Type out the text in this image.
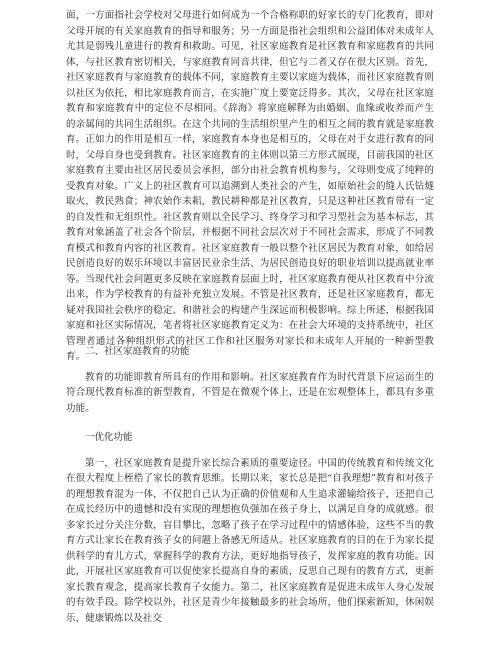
面，一方面指社会学校对父母进行如何成为一个合格称职的好家长的专门化教育，即对父母开展的有关家庭教育的指导和服务；另一方面是指社会组织和公益团体对未成年人尤其是弱残儿童进行的教育和救助。可见，社区家庭教育是社区教育和家庭教育的共同体，与社区教育密切相关，与家庭教育同音共律，但它与二者又存在很大区别。首先，社区家庭教育与家庭教育的载体不同，家庭教育主要以家庭为载体，而社区家庭教育则以社区为依托，相比家庭教育而言，在实施广度上要宽泛得多。其次，父母在社区家庭教育和家庭教育中的定位不尽相同。《辞海》将家庭解释为由婚姻、血缘或收养而产生的亲属间的共同生活组织。在这个共同的生活组织里产生的相互之间的教育就是家庭教育。正如力的作用是相互一样，家庭教育本身也是相互的，父母在对于女进行教育的同时，父母自身也受到教育。社区家庭教育的主体则以第三方形式展现，目前我国的社区家庭教育主要由社区居民委员会承担，部分由社会教育机构参与，父母则变成了纯粹的受教育对象。广义上的社区教育可以追溯到人类社会的产生，如原始社会的缝人氏钻燧取火，教民熟食；神农始作耒耜，教民耕种都是社区教育，只是这种社区教育带有一定的自发性和无组织性。社区教育则以全民学习、终身学习和学习型社会为基本标志，其教育对象涵盖了社会各个阶层，并根据不同社会层次对于不同社会需求，形成了不同教育模式和教育内容的社区教育。社区家庭教育一般以整个社区居民为教育对象，如给居民创造良好的娱乐环境以丰富居民业余生活、为居民创造良好的职业培训以提高就业率等。当现代社会问题更多反映在家庭教育层面上时，社区家庭教育便从社区教育中分流出来，作为学校教育的有益补充独立发展。不管是社区教育，还是社区家庭教育，都无疑对我国社会秩序的稳定、和谐社会的构建产生深远而积极影响。综上所述，根据我国家庭和社区实际情况，笔者将社区家庭教育定义为：在社会大环境的支持系统中，社区管理者通过各种组织形式的社区工作和社区服务对家长和未成年人开展的一种新型教育。 二、社区家庭教育的功能

教育的功能即教育所具有的作用和影响。社区家庭教育作为时代背景下应运而生的符合现代教育标准的新型教育，不管是在微观个体上，还是在宏观整体上，都具有多重功能。

一优化功能

第一，社区家庭教育是提升家长综合素质的重要途径。中国的传统教育和传统文化在很大程度上桎梏了家长的教育思维。长期以来，家长总是把“自我理想”教育和对孩子的理想教育混为一体，不仅把自己认为正确的价值观和人生追求灌输给孩子，还把自己在成长经历中的遗憾和没有实现的理想抱负强加在孩子身上，以满足自身的成就感。很多家长过分关注分数，盲目攀比，忽略了孩子在学习过程中的情感体验，这些不当的教育方式让家长在教育孩子女的问题上备感无所适从。社区家庭教育的目的在于为家长提供科学的育儿方式，掌握科学的教育方法，更好地指导孩子，发挥家庭的教育功能。因此，开展社区家庭教育可以促使家长提高自身的素质，反思自己现有的教育方式，更新家长教育观念，提高家长教育子女能力。第二，社区家庭教育是促进未成年人身心发展的有效手段。除学校以外，社区是青少年接触最多的社会场所，他们探索新知，休闲娱乐，健康锻炼以及社交
